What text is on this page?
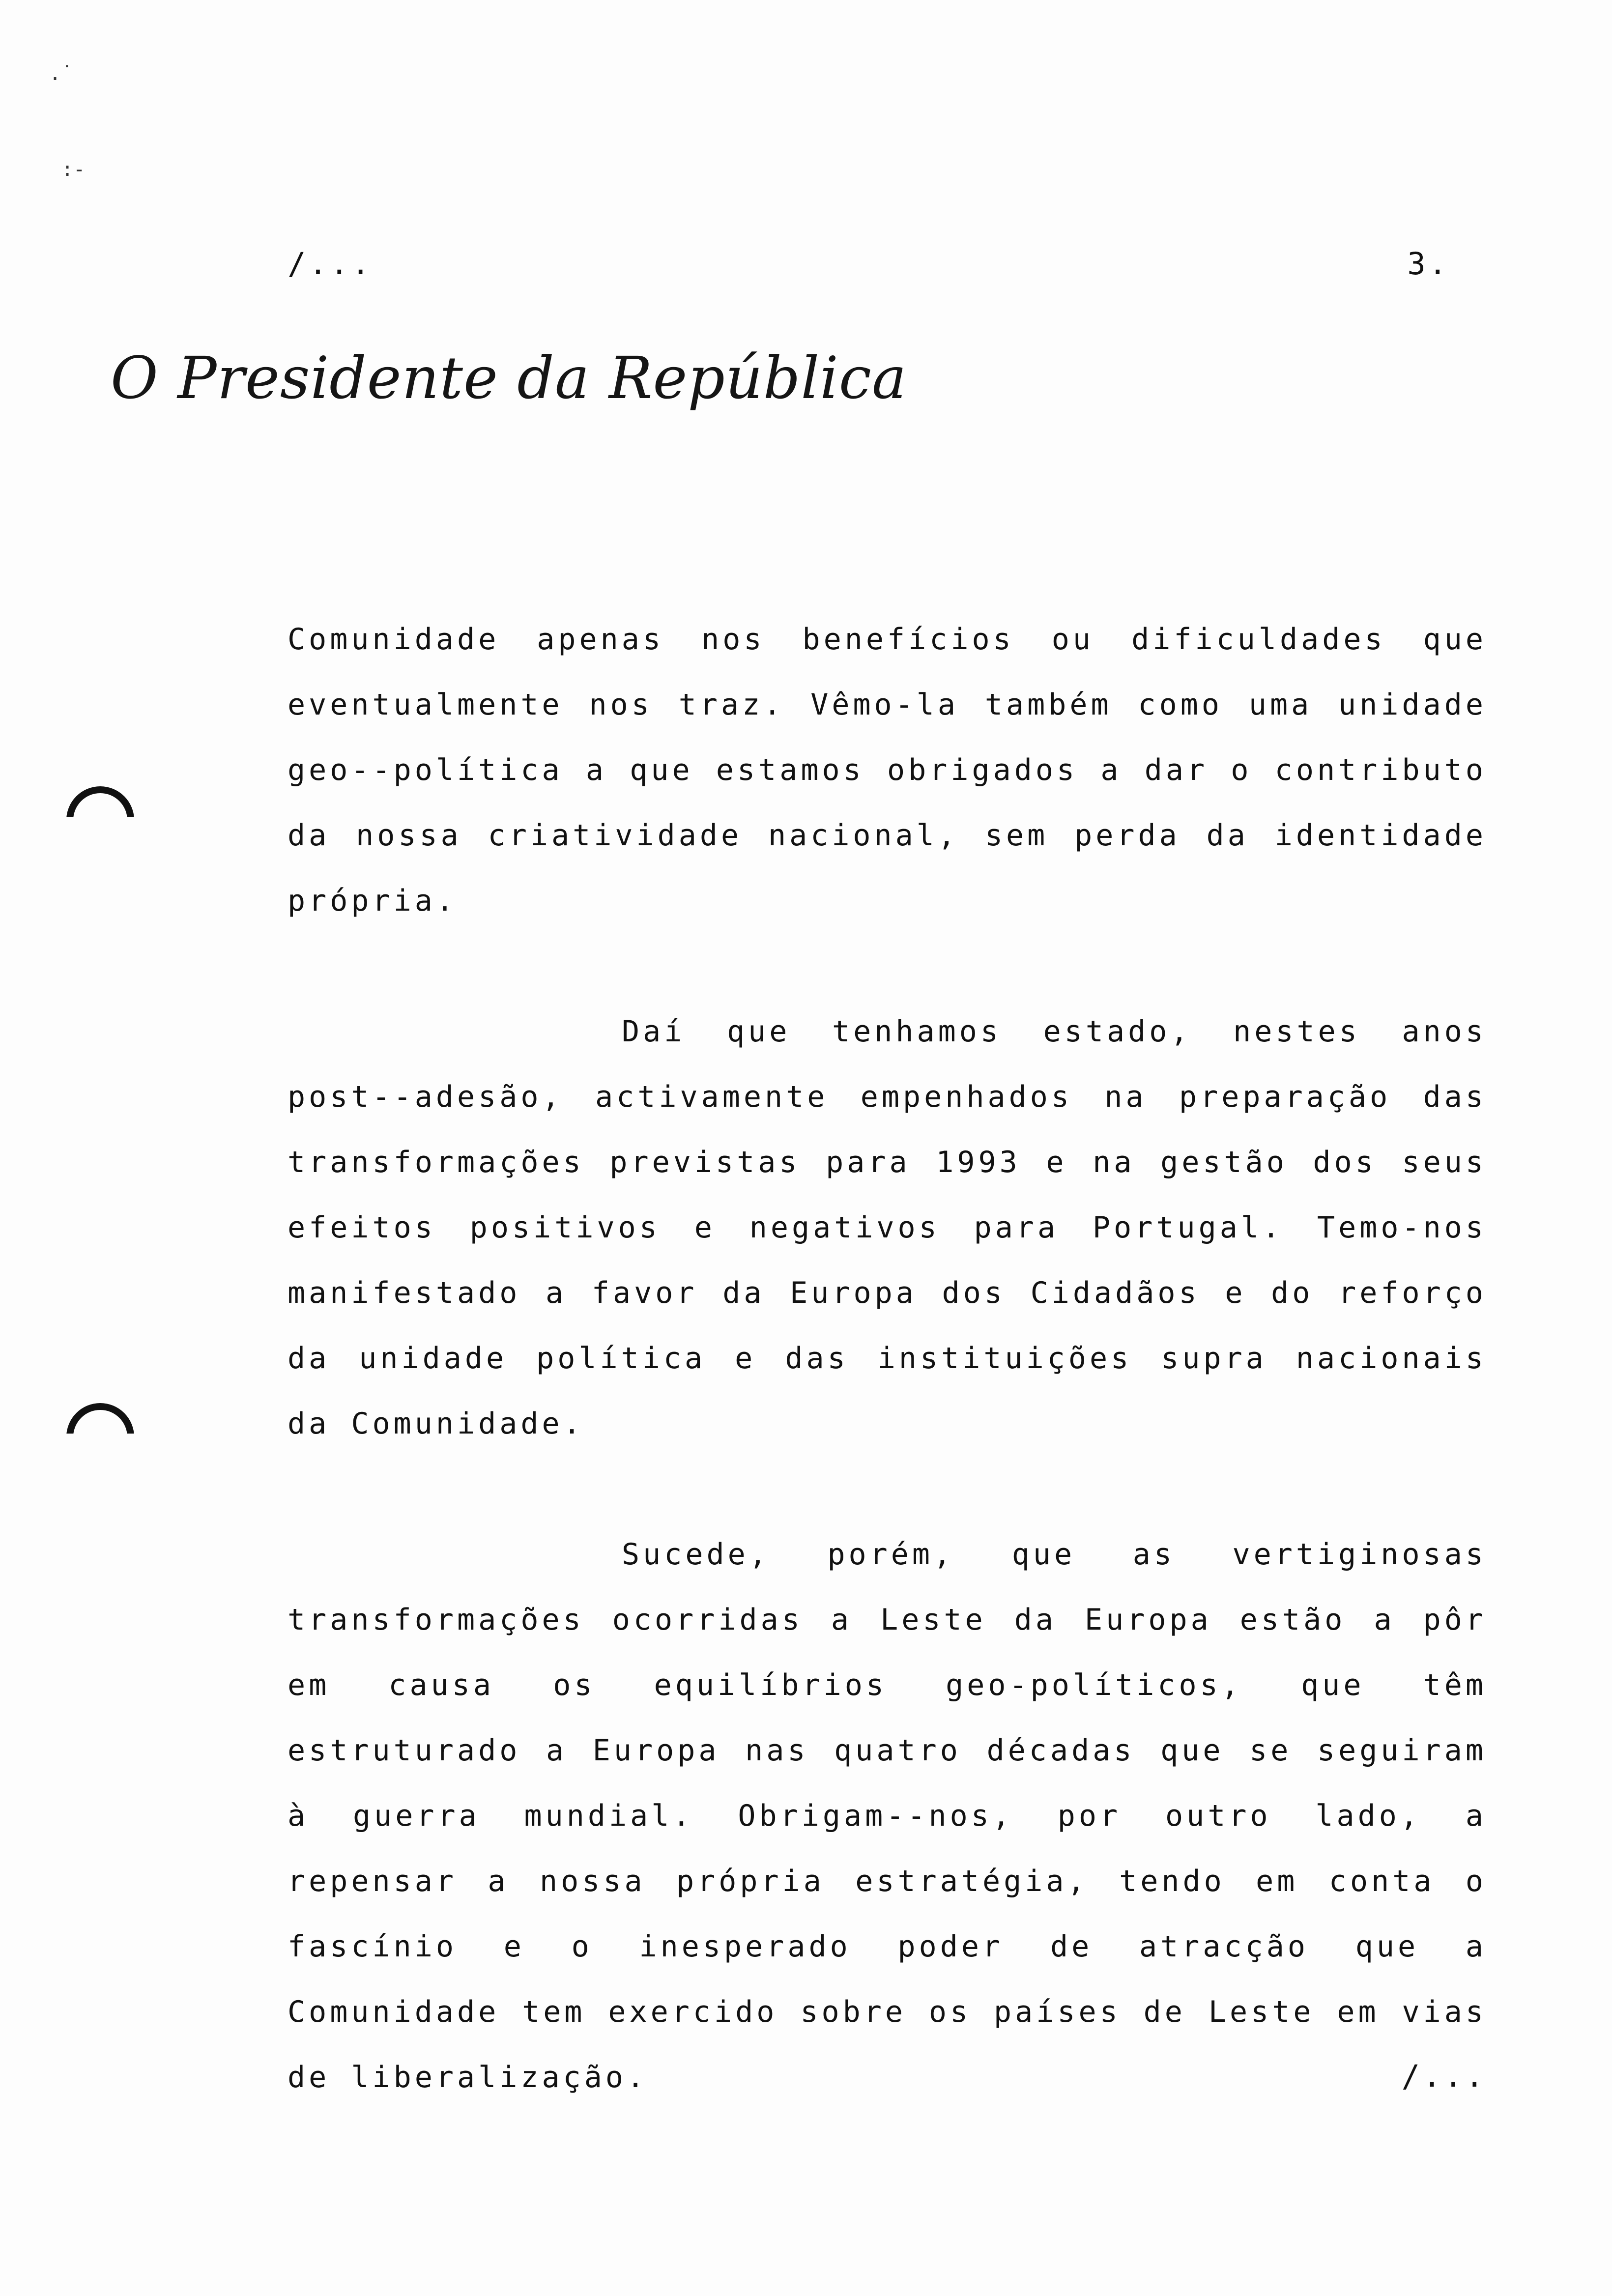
.˙
:-
/...	3.
O Presidente da República

Comunidade apenas nos benefícios ou dificuldades que eventualmente nos traz. Vêmo-la também como uma unidade geo--política a que estamos obrigados a dar o contributo da nossa criatividade nacional, sem perda da identidade própria.

Daí que tenhamos estado, nestes anos post--adesão, activamente empenhados na preparação das transformações previstas para 1993 e na gestão dos seus efeitos positivos e negativos para Portugal. Temo-nos manifestado a favor da Europa dos Cidadãos e do reforço da unidade política e das instituições supra nacionais da Comunidade.

Sucede, porém, que as vertiginosas transformações ocorridas a Leste da Europa estão a pôr em causa os equilíbrios geo-políticos, que têm estruturado a Europa nas quatro décadas que se seguiram à guerra mundial. Obrigam--nos, por outro lado, a repensar a nossa própria estratégia, tendo em conta o fascínio e o inesperado poder de atracção que a Comunidade tem exercido sobre os países de Leste em vias de liberalização.	/...
